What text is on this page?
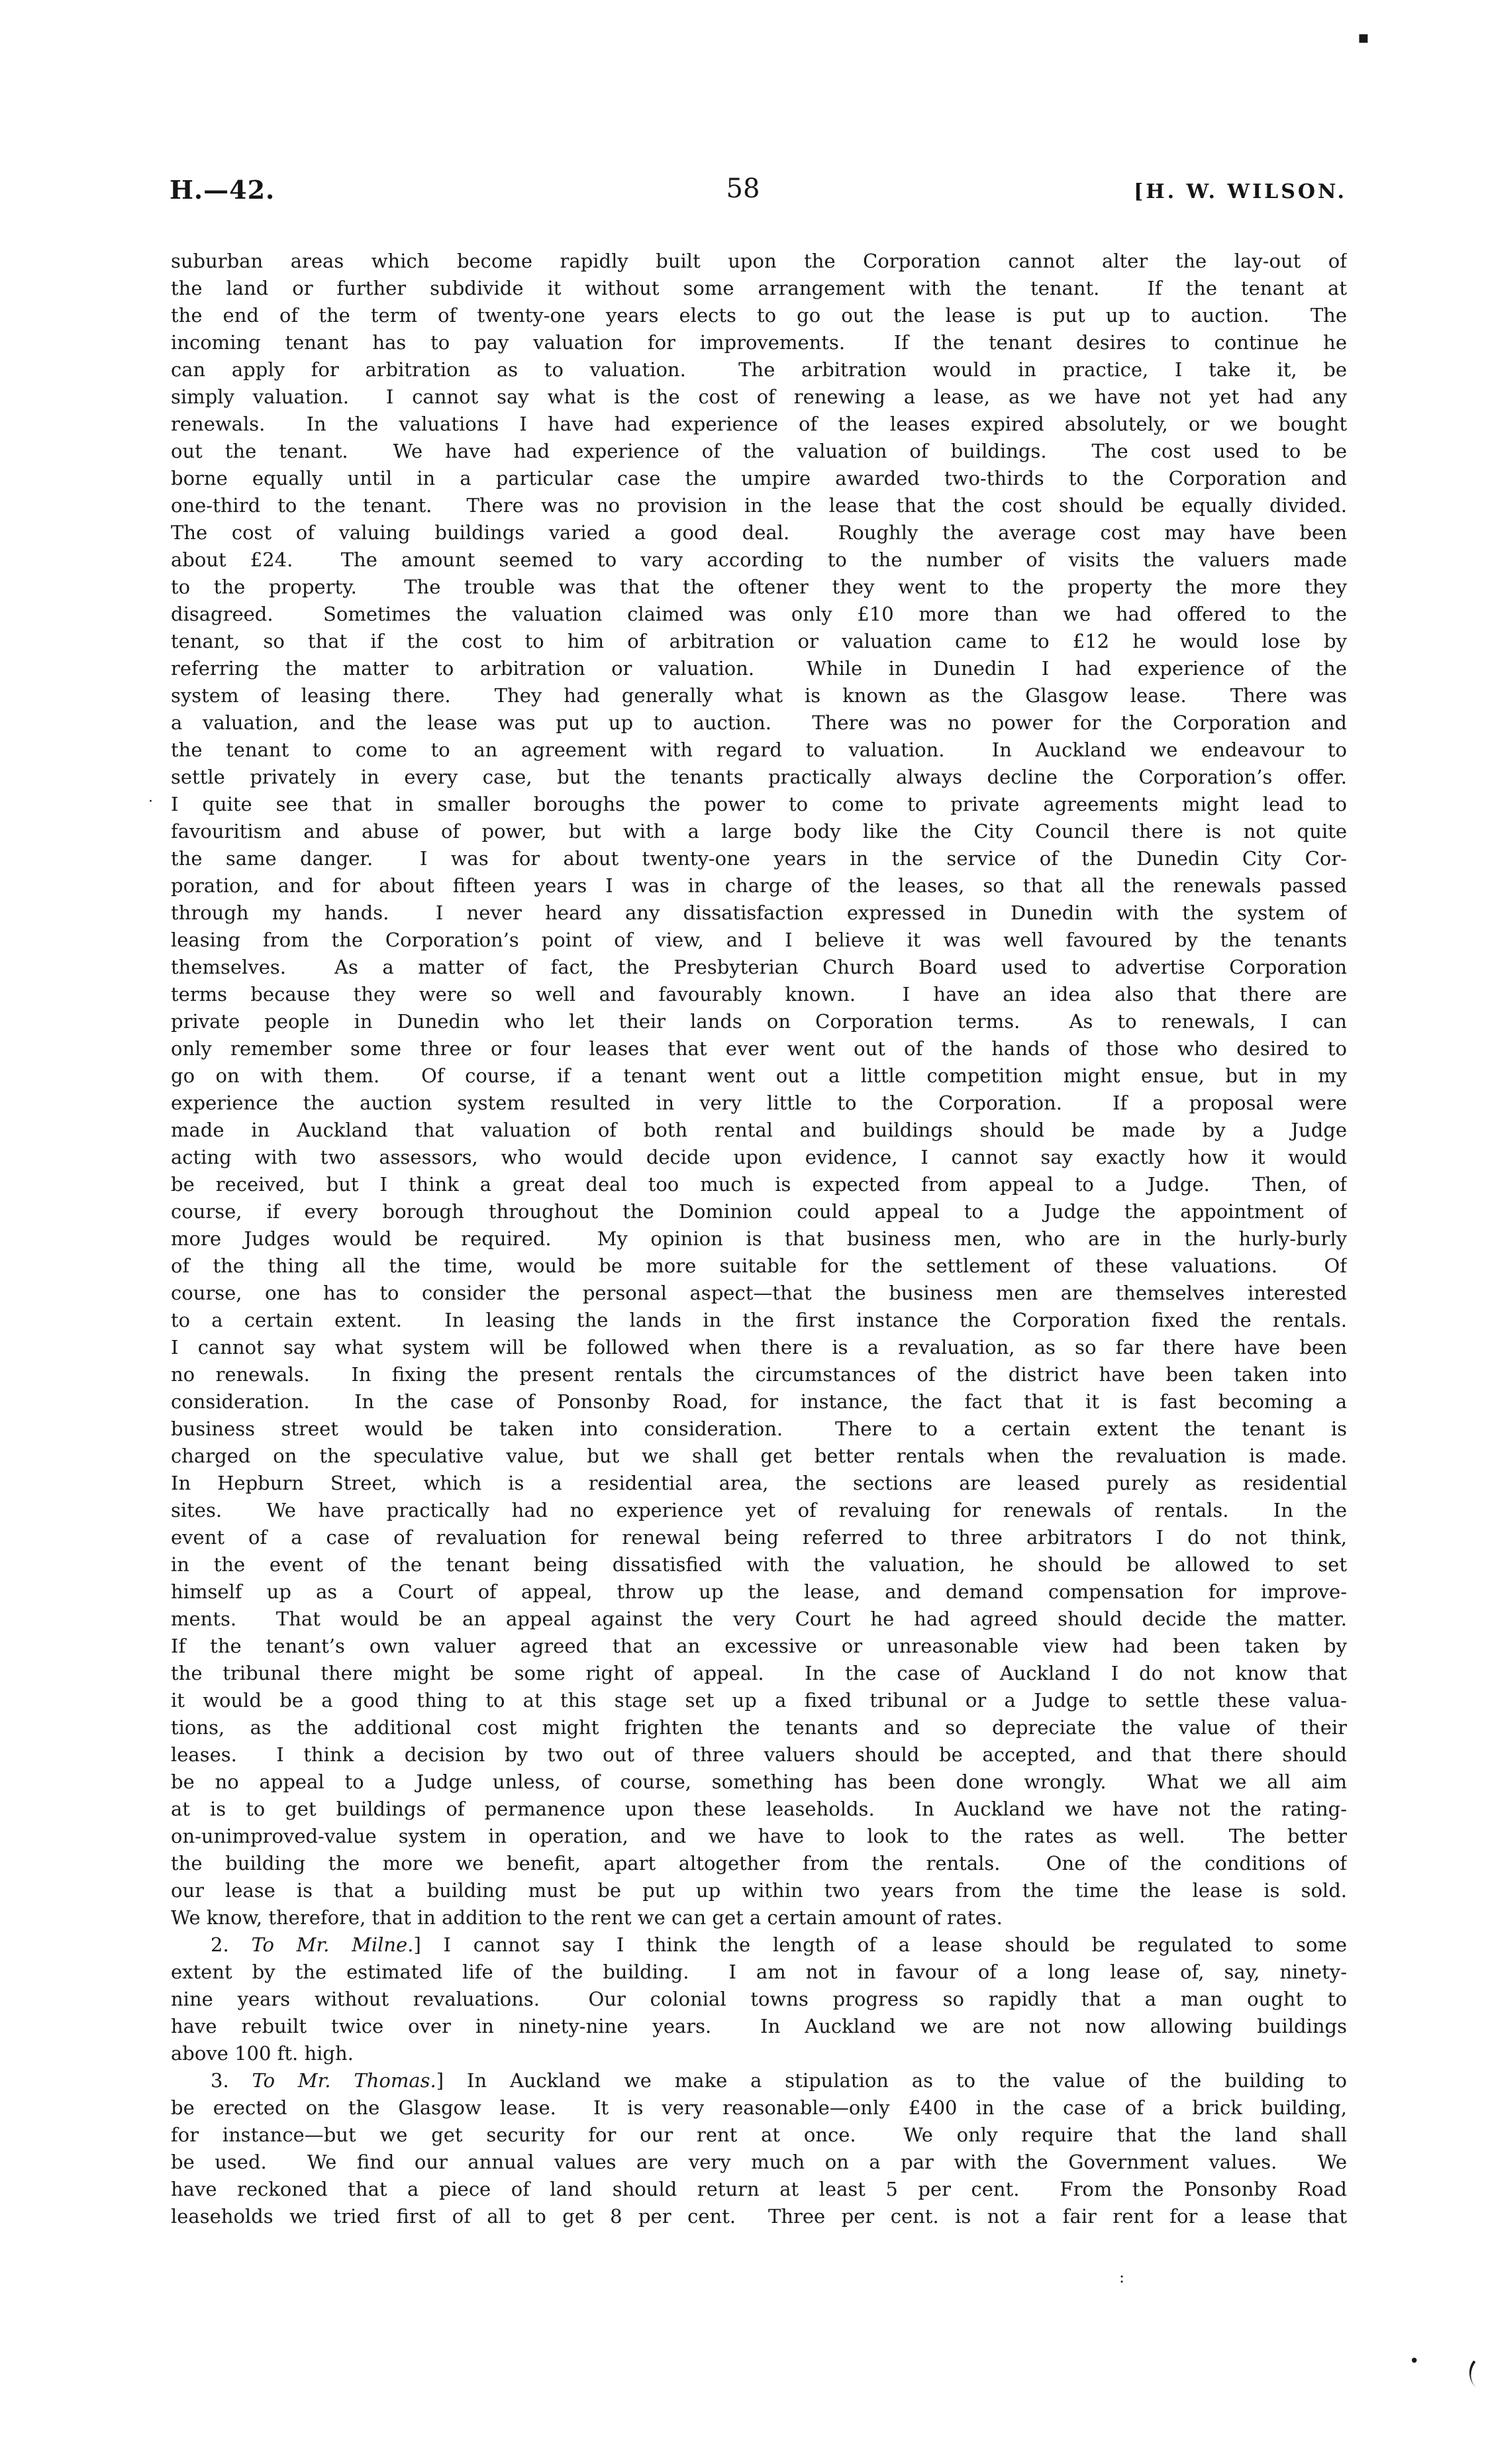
H.—42.	58	[H. W. WILSON.
suburban areas which become rapidly built upon the Corporation cannot alter the lay-out of
the land or further subdivide it without some arrangement with the tenant.  If the tenant at
the end of the term of twenty-one years elects to go out the lease is put up to auction.  The
incoming tenant has to pay valuation for improvements.  If the tenant desires to continue he
can apply for arbitration as to valuation.  The arbitration would in practice, I take it, be
simply valuation.  I cannot say what is the cost of renewing a lease, as we have not yet had any
renewals.  In the valuations I have had experience of the leases expired absolutely, or we bought
out the tenant.  We have had experience of the valuation of buildings.  The cost used to be
borne equally until in a particular case the umpire awarded two-thirds to the Corporation and
one-third to the tenant.  There was no provision in the lease that the cost should be equally divided.
The cost of valuing buildings varied a good deal.  Roughly the average cost may have been
about £24.  The amount seemed to vary according to the number of visits the valuers made
to the property.  The trouble was that the oftener they went to the property the more they
disagreed.  Sometimes the valuation claimed was only £10 more than we had offered to the
tenant, so that if the cost to him of arbitration or valuation came to £12 he would lose by
referring the matter to arbitration or valuation.  While in Dunedin I had experience of the
system of leasing there.  They had generally what is known as the Glasgow lease.  There was
a valuation, and the lease was put up to auction.  There was no power for the Corporation and
the tenant to come to an agreement with regard to valuation.  In Auckland we endeavour to
settle privately in every case, but the tenants practically always decline the Corporation’s offer.
I quite see that in smaller boroughs the power to come to private agreements might lead to
favouritism and abuse of power, but with a large body like the City Council there is not quite
the same danger.  I was for about twenty-one years in the service of the Dunedin City Cor-
poration, and for about fifteen years I was in charge of the leases, so that all the renewals passed
through my hands.  I never heard any dissatisfaction expressed in Dunedin with the system of
leasing from the Corporation’s point of view, and I believe it was well favoured by the tenants
themselves.  As a matter of fact, the Presbyterian Church Board used to advertise Corporation
terms because they were so well and favourably known.  I have an idea also that there are
private people in Dunedin who let their lands on Corporation terms.  As to renewals, I can
only remember some three or four leases that ever went out of the hands of those who desired to
go on with them.  Of course, if a tenant went out a little competition might ensue, but in my
experience the auction system resulted in very little to the Corporation.  If a proposal were
made in Auckland that valuation of both rental and buildings should be made by a Judge
acting with two assessors, who would decide upon evidence, I cannot say exactly how it would
be received, but I think a great deal too much is expected from appeal to a Judge.  Then, of
course, if every borough throughout the Dominion could appeal to a Judge the appointment of
more Judges would be required.  My opinion is that business men, who are in the hurly-burly
of the thing all the time, would be more suitable for the settlement of these valuations.  Of
course, one has to consider the personal aspect—that the business men are themselves interested
to a certain extent.  In leasing the lands in the first instance the Corporation fixed the rentals.
I cannot say what system will be followed when there is a revaluation, as so far there have been
no renewals.  In fixing the present rentals the circumstances of the district have been taken into
consideration.  In the case of Ponsonby Road, for instance, the fact that it is fast becoming a
business street would be taken into consideration.  There to a certain extent the tenant is
charged on the speculative value, but we shall get better rentals when the revaluation is made.
In Hepburn Street, which is a residential area, the sections are leased purely as residential
sites.  We have practically had no experience yet of revaluing for renewals of rentals.  In the
event of a case of revaluation for renewal being referred to three arbitrators I do not think,
in the event of the tenant being dissatisfied with the valuation, he should be allowed to set
himself up as a Court of appeal, throw up the lease, and demand compensation for improve-
ments.  That would be an appeal against the very Court he had agreed should decide the matter.
If the tenant’s own valuer agreed that an excessive or unreasonable view had been taken by
the tribunal there might be some right of appeal.  In the case of Auckland I do not know that
it would be a good thing to at this stage set up a fixed tribunal or a Judge to settle these valua-
tions, as the additional cost might frighten the tenants and so depreciate the value of their
leases.  I think a decision by two out of three valuers should be accepted, and that there should
be no appeal to a Judge unless, of course, something has been done wrongly.  What we all aim
at is to get buildings of permanence upon these leaseholds.  In Auckland we have not the rating-
on-unimproved-value system in operation, and we have to look to the rates as well.  The better
the building the more we benefit, apart altogether from the rentals.  One of the conditions of
our lease is that a building must be put up within two years from the time the lease is sold.
We know, therefore, that in addition to the rent we can get a certain amount of rates.
2. To Mr. Milne.] I cannot say I think the length of a lease should be regulated to some
extent by the estimated life of the building.  I am not in favour of a long lease of, say, ninety-
nine years without revaluations.  Our colonial towns progress so rapidly that a man ought to
have rebuilt twice over in ninety-nine years.  In Auckland we are not now allowing buildings
above 100 ft. high.
3. To Mr. Thomas.] In Auckland we make a stipulation as to the value of the building to
be erected on the Glasgow lease.  It is very reasonable—only £400 in the case of a brick building,
for instance—but we get security for our rent at once.  We only require that the land shall
be used.  We find our annual values are very much on a par with the Government values.  We
have reckoned that a piece of land should return at least 5 per cent.  From the Ponsonby Road
leaseholds we tried first of all to get 8 per cent.  Three per cent. is not a fair rent for a lease that
▪
·
:
•
